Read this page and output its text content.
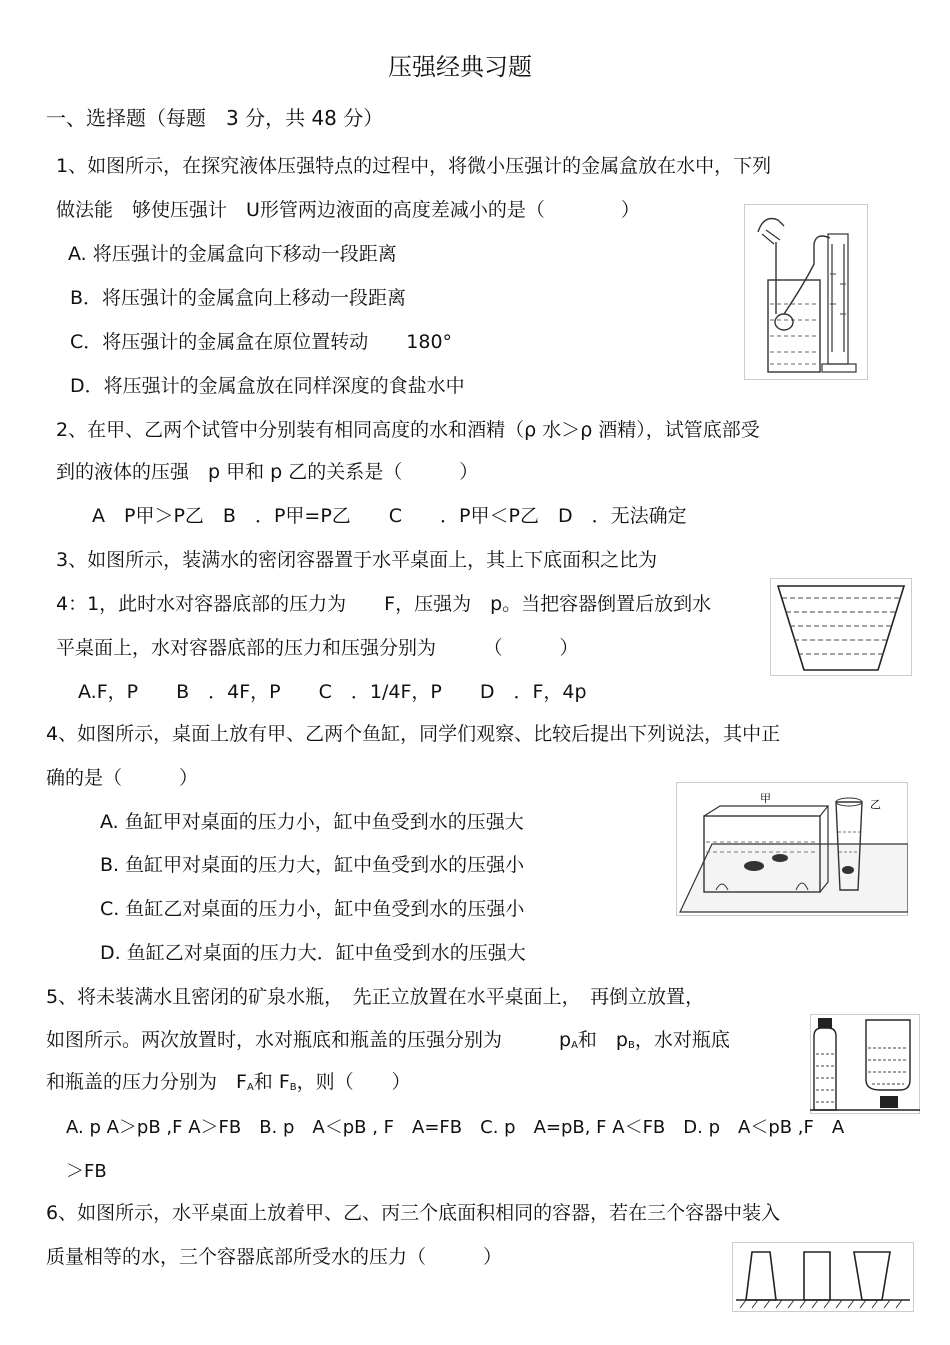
压强经典习题
一、选择题（每题　3 分，共 48 分）
1、如图所示，在探究液体压强特点的过程中，将微小压强计的金属盒放在水中，下列
做法能　够使压强计　U形管两边液面的高度差减小的是（　　　　）
A. 将压强计的金属盒向下移动一段距离
B．将压强计的金属盒向上移动一段距离
C．将压强计的金属盒在原位置转动　　180°
D．将压强计的金属盒放在同样深度的食盐水中
2、在甲、乙两个试管中分别装有相同高度的水和酒精（ρ 水＞ρ 酒精），试管底部受
到的液体的压强　p 甲和 p 乙的关系是（　　　）
A　P甲＞P乙　B　．P甲=P乙　　C　　．P甲＜P乙　D　．无法确定
3、如图所示，装满水的密闭容器置于水平桌面上，其上下底面积之比为
4：1，此时水对容器底部的压力为　　F，压强为　p。当把容器倒置后放到水
平桌面上，水对容器底部的压力和压强分别为　　　（　　　）
A.F，P　　B　．4F，P　　C　．1/4F，P　　D　．F，4p
4、如图所示，桌面上放有甲、乙两个鱼缸，同学们观察、比较后提出下列说法，其中正
确的是（　　　）
A. 鱼缸甲对桌面的压力小，缸中鱼受到水的压强大
B. 鱼缸甲对桌面的压力大，缸中鱼受到水的压强小
C. 鱼缸乙对桌面的压力小，缸中鱼受到水的压强小
D. 鱼缸乙对桌面的压力大．缸中鱼受到水的压强大
甲	乙
5、将未装满水且密闭的矿泉水瓶，　先正立放置在水平桌面上，　再倒立放置，
如图所示。两次放置时，水对瓶底和瓶盖的压强分别为　　　$p_A$和　$p_B$，水对瓶底
和瓶盖的压力分别为　$F_A$和 $F_B$，则（　　）
A. p A＞pB ,F A＞FB　B. p　A＜pB , F　A=FB　C. p　A=pB, F A＜FB　D. p　A＜pB ,F　A
＞FB
6、如图所示，水平桌面上放着甲、乙、丙三个底面积相同的容器，若在三个容器中装入
质量相等的水，三个容器底部所受水的压力（　　　）
